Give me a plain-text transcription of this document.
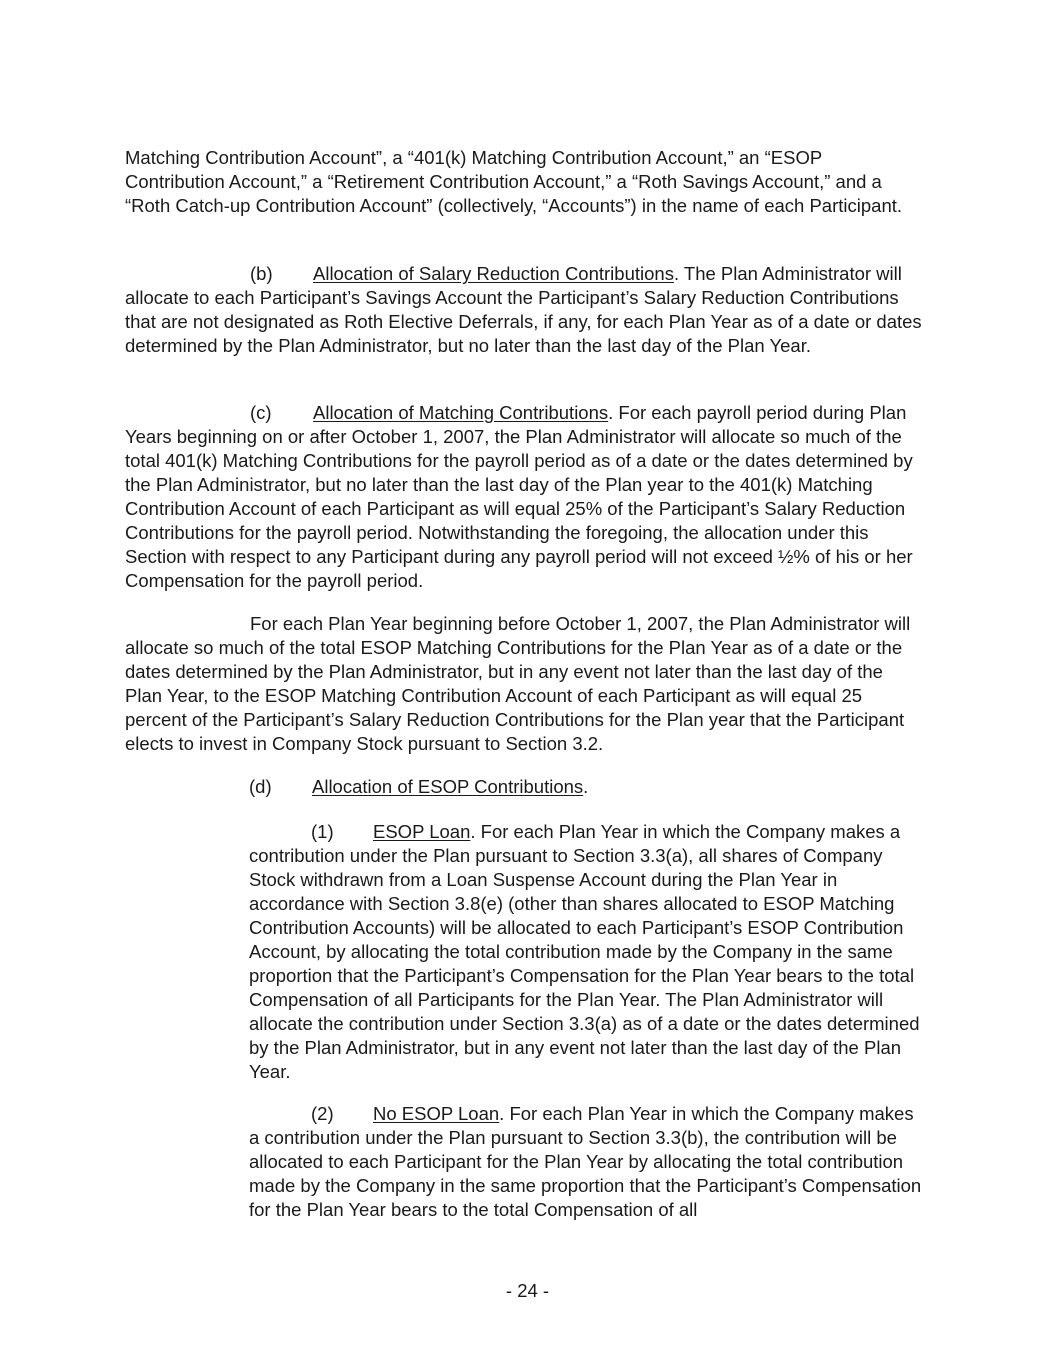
Matching Contribution Account”, a “401(k) Matching Contribution Account,” an “ESOP Contribution Account,” a “Retirement Contribution Account,” a “Roth Savings Account,” and a “Roth Catch-up Contribution Account” (collectively, “Accounts”) in the name of each Participant.

(b) Allocation of Salary Reduction Contributions. The Plan Administrator will allocate to each Participant’s Savings Account the Participant’s Salary Reduction Contributions that are not designated as Roth Elective Deferrals, if any, for each Plan Year as of a date or dates determined by the Plan Administrator, but no later than the last day of the Plan Year.

(c) Allocation of Matching Contributions. For each payroll period during Plan Years beginning on or after October 1, 2007, the Plan Administrator will allocate so much of the total 401(k) Matching Contributions for the payroll period as of a date or the dates determined by the Plan Administrator, but no later than the last day of the Plan year to the 401(k) Matching Contribution Account of each Participant as will equal 25% of the Participant’s Salary Reduction Contributions for the payroll period. Notwithstanding the foregoing, the allocation under this Section with respect to any Participant during any payroll period will not exceed ½% of his or her Compensation for the payroll period.

For each Plan Year beginning before October 1, 2007, the Plan Administrator will allocate so much of the total ESOP Matching Contributions for the Plan Year as of a date or the dates determined by the Plan Administrator, but in any event not later than the last day of the Plan Year, to the ESOP Matching Contribution Account of each Participant as will equal 25 percent of the Participant’s Salary Reduction Contributions for the Plan year that the Participant elects to invest in Company Stock pursuant to Section 3.2.

(d) Allocation of ESOP Contributions.

(1) ESOP Loan. For each Plan Year in which the Company makes a contribution under the Plan pursuant to Section 3.3(a), all shares of Company Stock withdrawn from a Loan Suspense Account during the Plan Year in accordance with Section 3.8(e) (other than shares allocated to ESOP Matching Contribution Accounts) will be allocated to each Participant’s ESOP Contribution Account, by allocating the total contribution made by the Company in the same proportion that the Participant’s Compensation for the Plan Year bears to the total Compensation of all Participants for the Plan Year. The Plan Administrator will allocate the contribution under Section 3.3(a) as of a date or the dates determined by the Plan Administrator, but in any event not later than the last day of the Plan Year.

(2) No ESOP Loan. For each Plan Year in which the Company makes a contribution under the Plan pursuant to Section 3.3(b), the contribution will be allocated to each Participant for the Plan Year by allocating the total contribution made by the Company in the same proportion that the Participant’s Compensation for the Plan Year bears to the total Compensation of all

- 24 -
